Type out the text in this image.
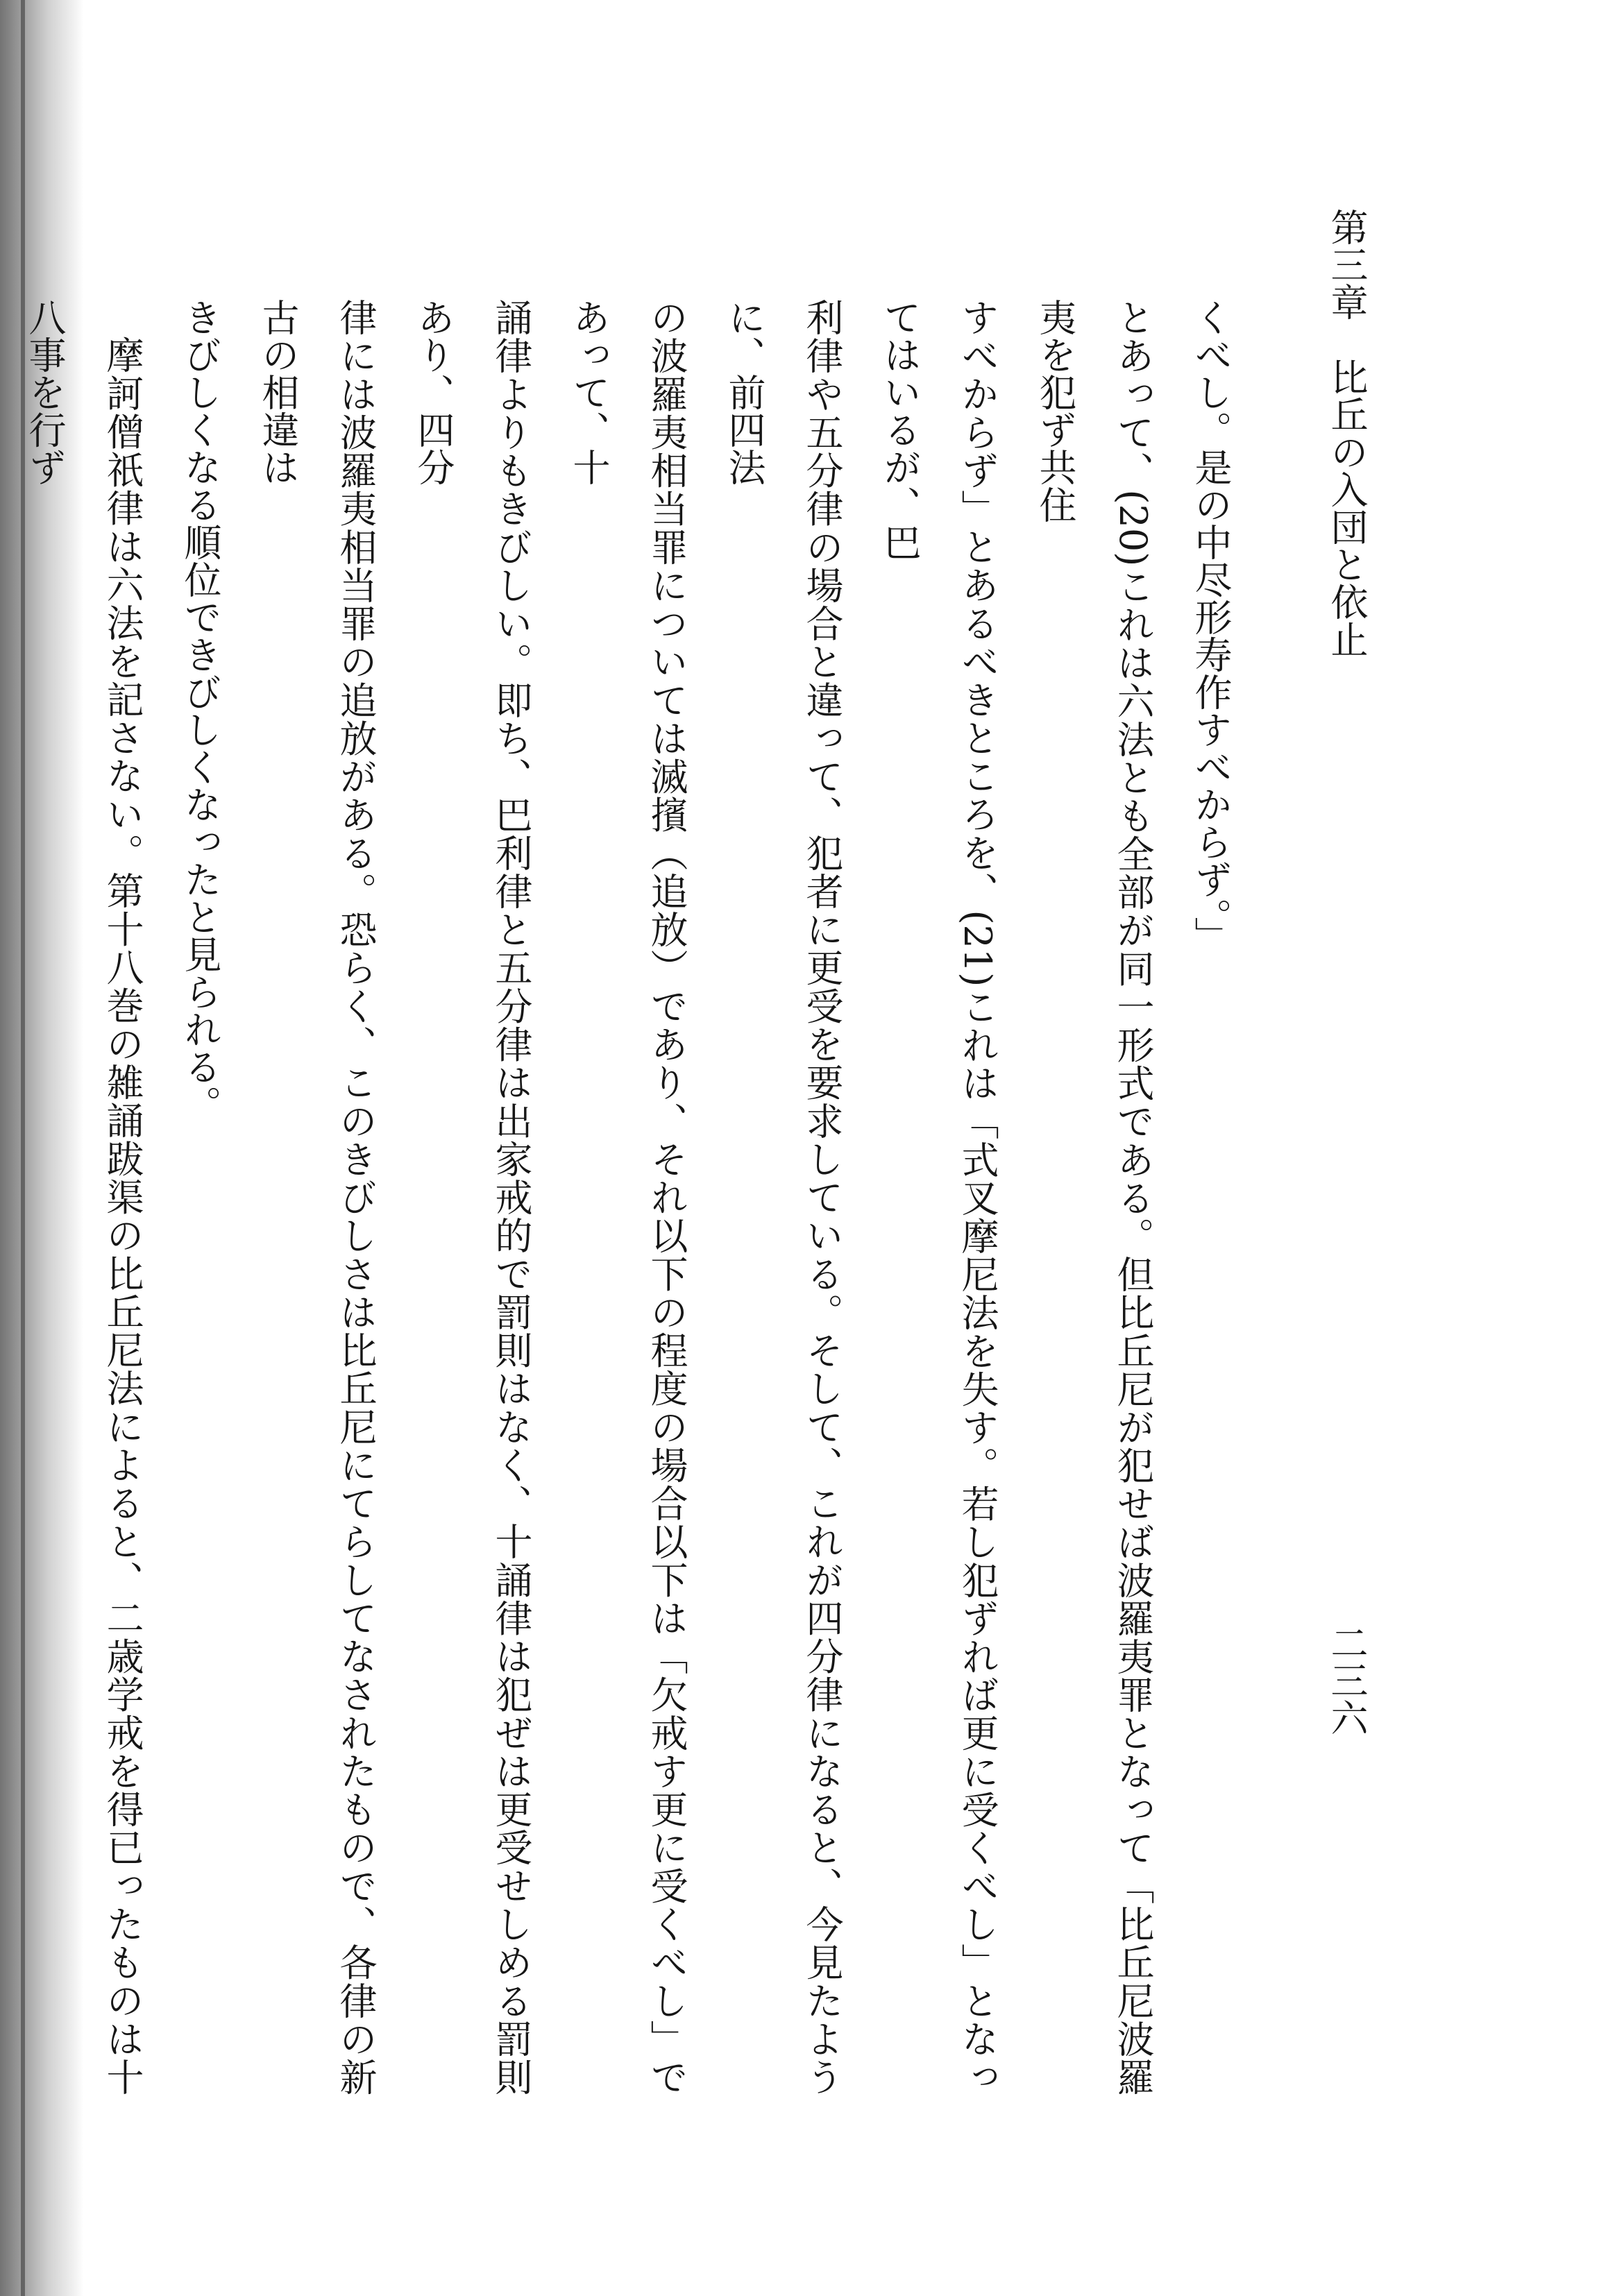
第三章　比丘の入団と依止
二三六

くべし。是の中尽形寿作すべからず。」

とあって、(20)これは六法とも全部が同一形式である。但比丘尼が犯せば波羅夷罪となって「比丘尼波羅夷を犯ず共住

すべからず」とあるべきところを、(21)これは「式叉摩尼法を失す。若し犯ずれば更に受くべし」となってはいるが、巴

利律や五分律の場合と違って、犯者に更受を要求している。そして、これが四分律になると、今見たように、前四法

の波羅夷相当罪については滅擯（追放）であり、それ以下の程度の場合以下は「欠戒す更に受くべし」であって、十

誦律よりもきびしい。即ち、巴利律と五分律は出家戒的で罰則はなく、十誦律は犯ぜは更受せしめる罰則あり、四分

律には波羅夷相当罪の追放がある。恐らく、このきびしさは比丘尼にてらしてなされたもので、各律の新古の相違は

きびしくなる順位できびしくなったと見られる。

摩訶僧祇律は六法を記さない。第十八巻の雑誦跋渠の比丘尼法によると、二歳学戒を得已ったものは十八事を行ず
